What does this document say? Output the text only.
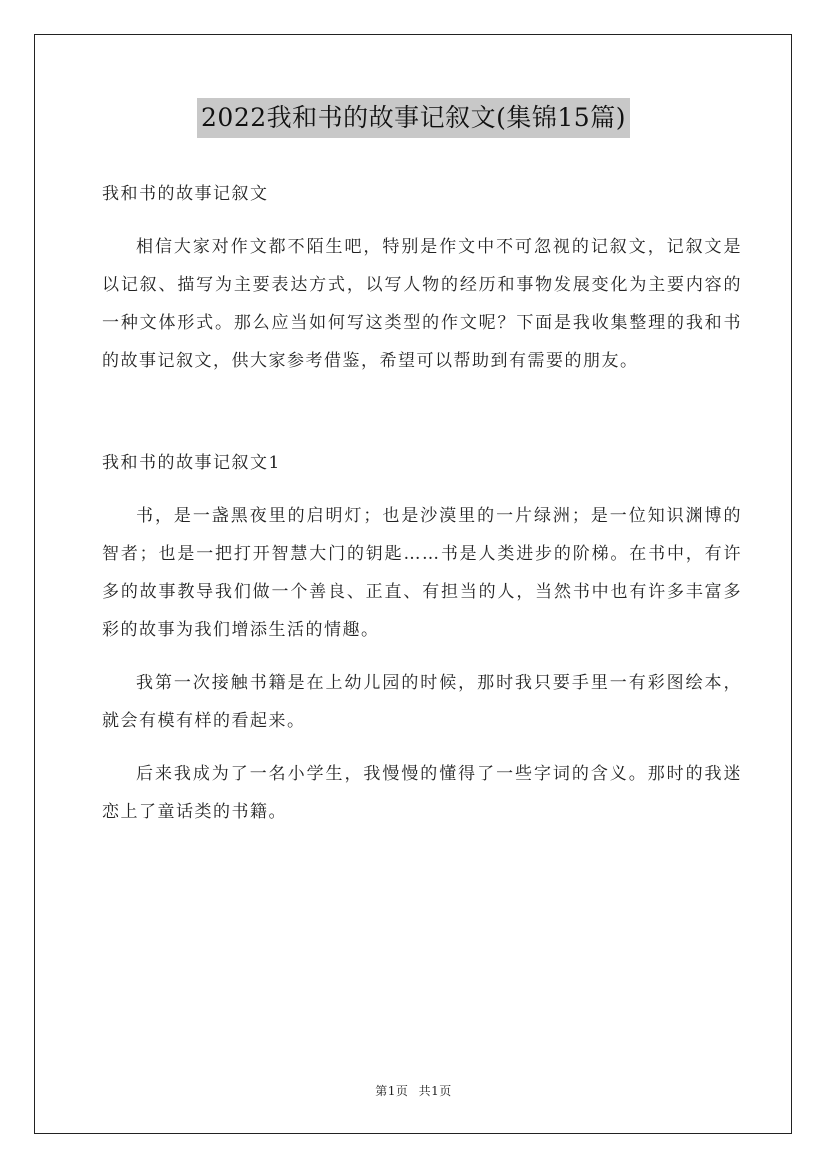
2022我和书的故事记叙文(集锦15篇)

我和书的故事记叙文

相信大家对作文都不陌生吧，特别是作文中不可忽视的记叙文，记叙文是以记叙、描写为主要表达方式，以写人物的经历和事物发展变化为主要内容的一种文体形式。那么应当如何写这类型的作文呢？下面是我收集整理的我和书的故事记叙文，供大家参考借鉴，希望可以帮助到有需要的朋友。

我和书的故事记叙文1

书，是一盏黑夜里的启明灯；也是沙漠里的一片绿洲；是一位知识渊博的智者；也是一把打开智慧大门的钥匙……书是人类进步的阶梯。在书中，有许多的故事教导我们做一个善良、正直、有担当的人，当然书中也有许多丰富多彩的故事为我们增添生活的情趣。

我第一次接触书籍是在上幼儿园的时候，那时我只要手里一有彩图绘本，就会有模有样的看起来。

后来我成为了一名小学生，我慢慢的懂得了一些字词的含义。那时的我迷恋上了童话类的书籍。

第1页 共1页
